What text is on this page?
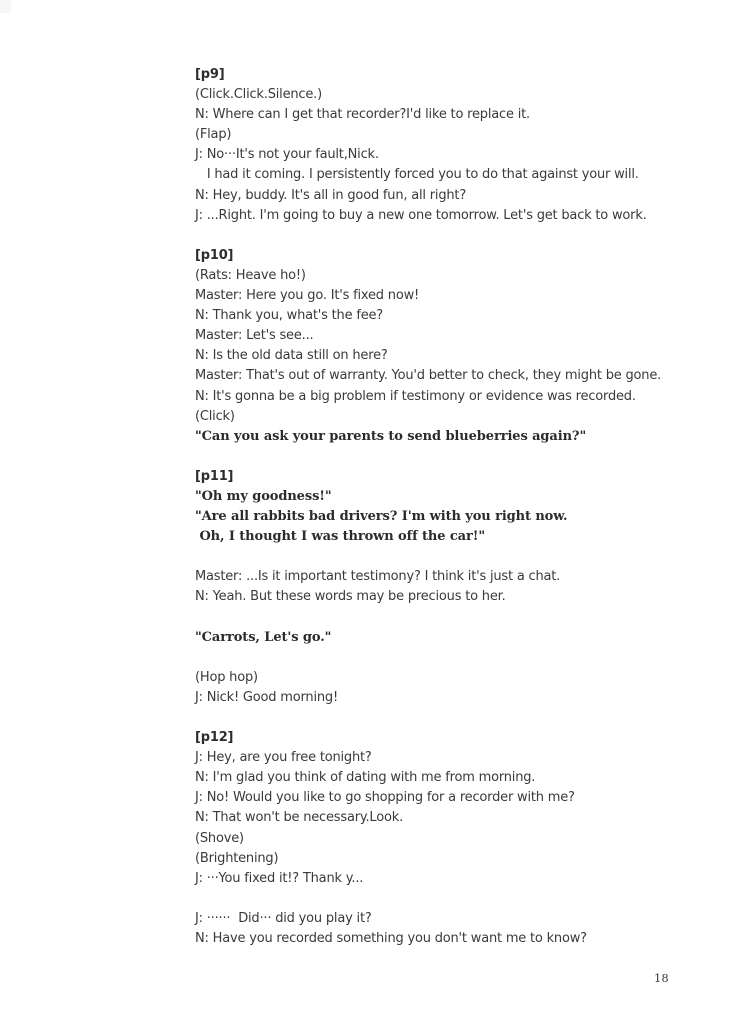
[p9]
(Click.Click.Silence.)
N: Where can I get that recorder?I'd like to replace it.
(Flap)
J: No···It's not your fault,Nick.
I had it coming. I persistently forced you to do that against your will.
N: Hey, buddy. It's all in good fun, all right?
J: ...Right. I'm going to buy a new one tomorrow. Let's get back to work.
[p10]
(Rats: Heave ho!)
Master: Here you go. It's fixed now!
N: Thank you, what's the fee?
Master: Let's see...
N: Is the old data still on here?
Master: That's out of warranty. You'd better to check, they might be gone.
N: It's gonna be a big problem if testimony or evidence was recorded.
(Click)
"Can you ask your parents to send blueberries again?"
[p11]
"Oh my goodness!"
"Are all rabbits bad drivers? I'm with you right now.
Oh, I thought I was thrown off the car!"
Master: ...Is it important testimony? I think it's just a chat.
N: Yeah. But these words may be precious to her.
"Carrots, Let's go."
(Hop hop)
J: Nick! Good morning!
[p12]
J: Hey, are you free tonight?
N: I'm glad you think of dating with me from morning.
J: No! Would you like to go shopping for a recorder with me?
N: That won't be necessary.Look.
(Shove)
(Brightening)
J: ···You fixed it!? Thank y...
J: ······  Did··· did you play it?
N: Have you recorded something you don't want me to know?
18
